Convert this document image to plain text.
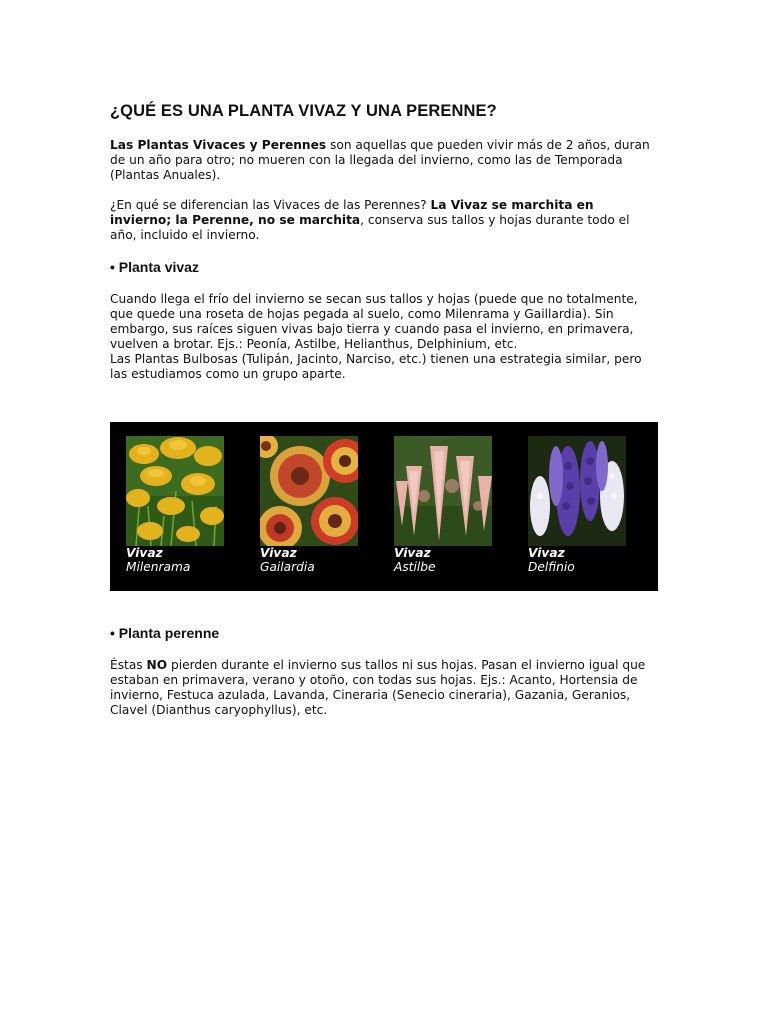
¿QUÉ ES UNA PLANTA VIVAZ Y UNA PERENNE?

Las Plantas Vivaces y Perennes son aquellas que pueden vivir más de 2 años, duran de un año para otro; no mueren con la llegada del invierno, como las de Temporada (Plantas Anuales).

¿En qué se diferencian las Vivaces de las Perennes? La Vivaz se marchita en invierno; la Perenne, no se marchita, conserva sus tallos y hojas durante todo el año, incluido el invierno.

• Planta vivaz

Cuando llega el frío del invierno se secan sus tallos y hojas (puede que no totalmente, que quede una roseta de hojas pegada al suelo, como Milenrama y Gaillardia). Sin embargo, sus raíces siguen vivas bajo tierra y cuando pasa el invierno, en primavera, vuelven a brotar. Ejs.: Peonía, Astilbe, Helianthus, Delphinium, etc.
Las Plantas Bulbosas (Tulipán, Jacinto, Narciso, etc.) tienen una estrategia similar, pero las estudiamos como un grupo aparte.

Vivaz
Milenrama
Vivaz
Gailardia
Vivaz
Astilbe
Vivaz
Delfinio
• Planta perenne

Éstas NO pierden durante el invierno sus tallos ni sus hojas. Pasan el invierno igual que estaban en primavera, verano y otoño, con todas sus hojas. Ejs.: Acanto, Hortensia de invierno, Festuca azulada, Lavanda, Cineraria (Senecio cineraria), Gazania, Geranios, Clavel (Dianthus caryophyllus), etc.
